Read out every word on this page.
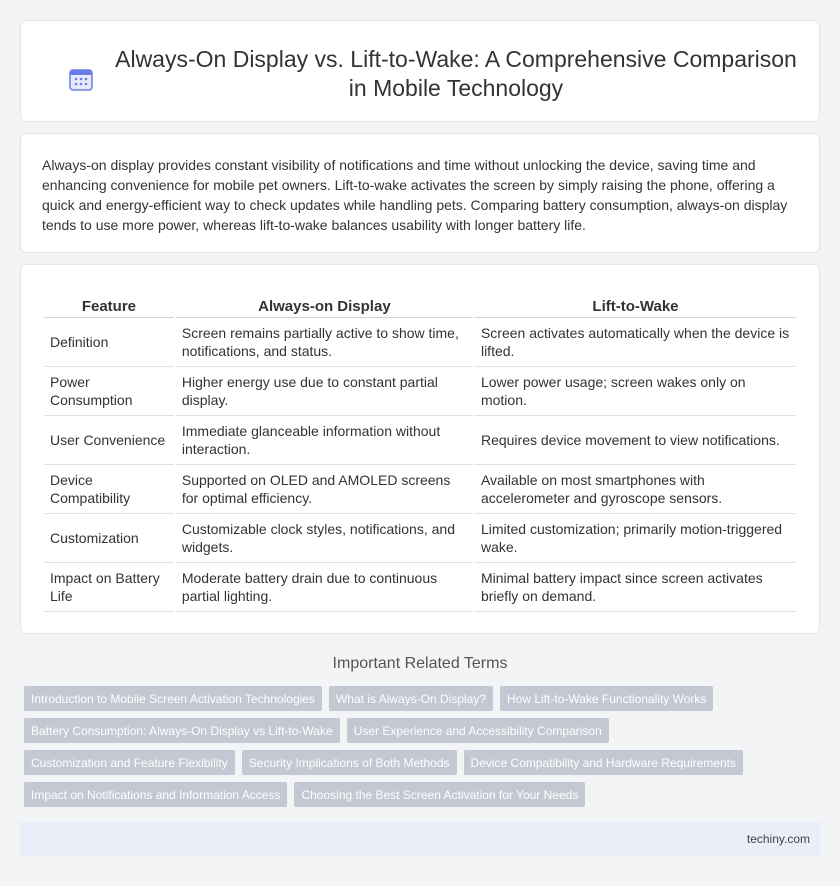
Always-On Display vs. Lift-to-Wake: A Comprehensive Comparison
in Mobile Technology

Always-on display provides constant visibility of notifications and time without unlocking the device, saving time and enhancing convenience for mobile pet owners. Lift-to-wake activates the screen by simply raising the phone, offering a quick and energy-efficient way to check updates while handling pets. Comparing battery consumption, always-on display tends to use more power, whereas lift-to-wake balances usability with longer battery life.

Feature	Always-on Display	Lift-to-Wake
Definition	Screen remains partially active to show time, notifications, and status.	Screen activates automatically when the device is lifted.
Power Consumption	Higher energy use due to constant partial display.	Lower power usage; screen wakes only on motion.
User Convenience	Immediate glanceable information without interaction.	Requires device movement to view notifications.
Device Compatibility	Supported on OLED and AMOLED screens for optimal efficiency.	Available on most smartphones with accelerometer and gyroscope sensors.
Customization	Customizable clock styles, notifications, and widgets.	Limited customization; primarily motion-triggered wake.
Impact on Battery Life	Moderate battery drain due to continuous partial lighting.	Minimal battery impact since screen activates briefly on demand.
Important Related Terms
Introduction to Mobile Screen Activation Technologies What is Always-On Display? How Lift-to-Wake Functionality Works
Battery Consumption: Always-On Display vs Lift-to-Wake User Experience and Accessibility Comparison
Customization and Feature Flexibility Security Implications of Both Methods Device Compatibility and Hardware Requirements
Impact on Notifications and Information Access Choosing the Best Screen Activation for Your Needs
techiny.com
